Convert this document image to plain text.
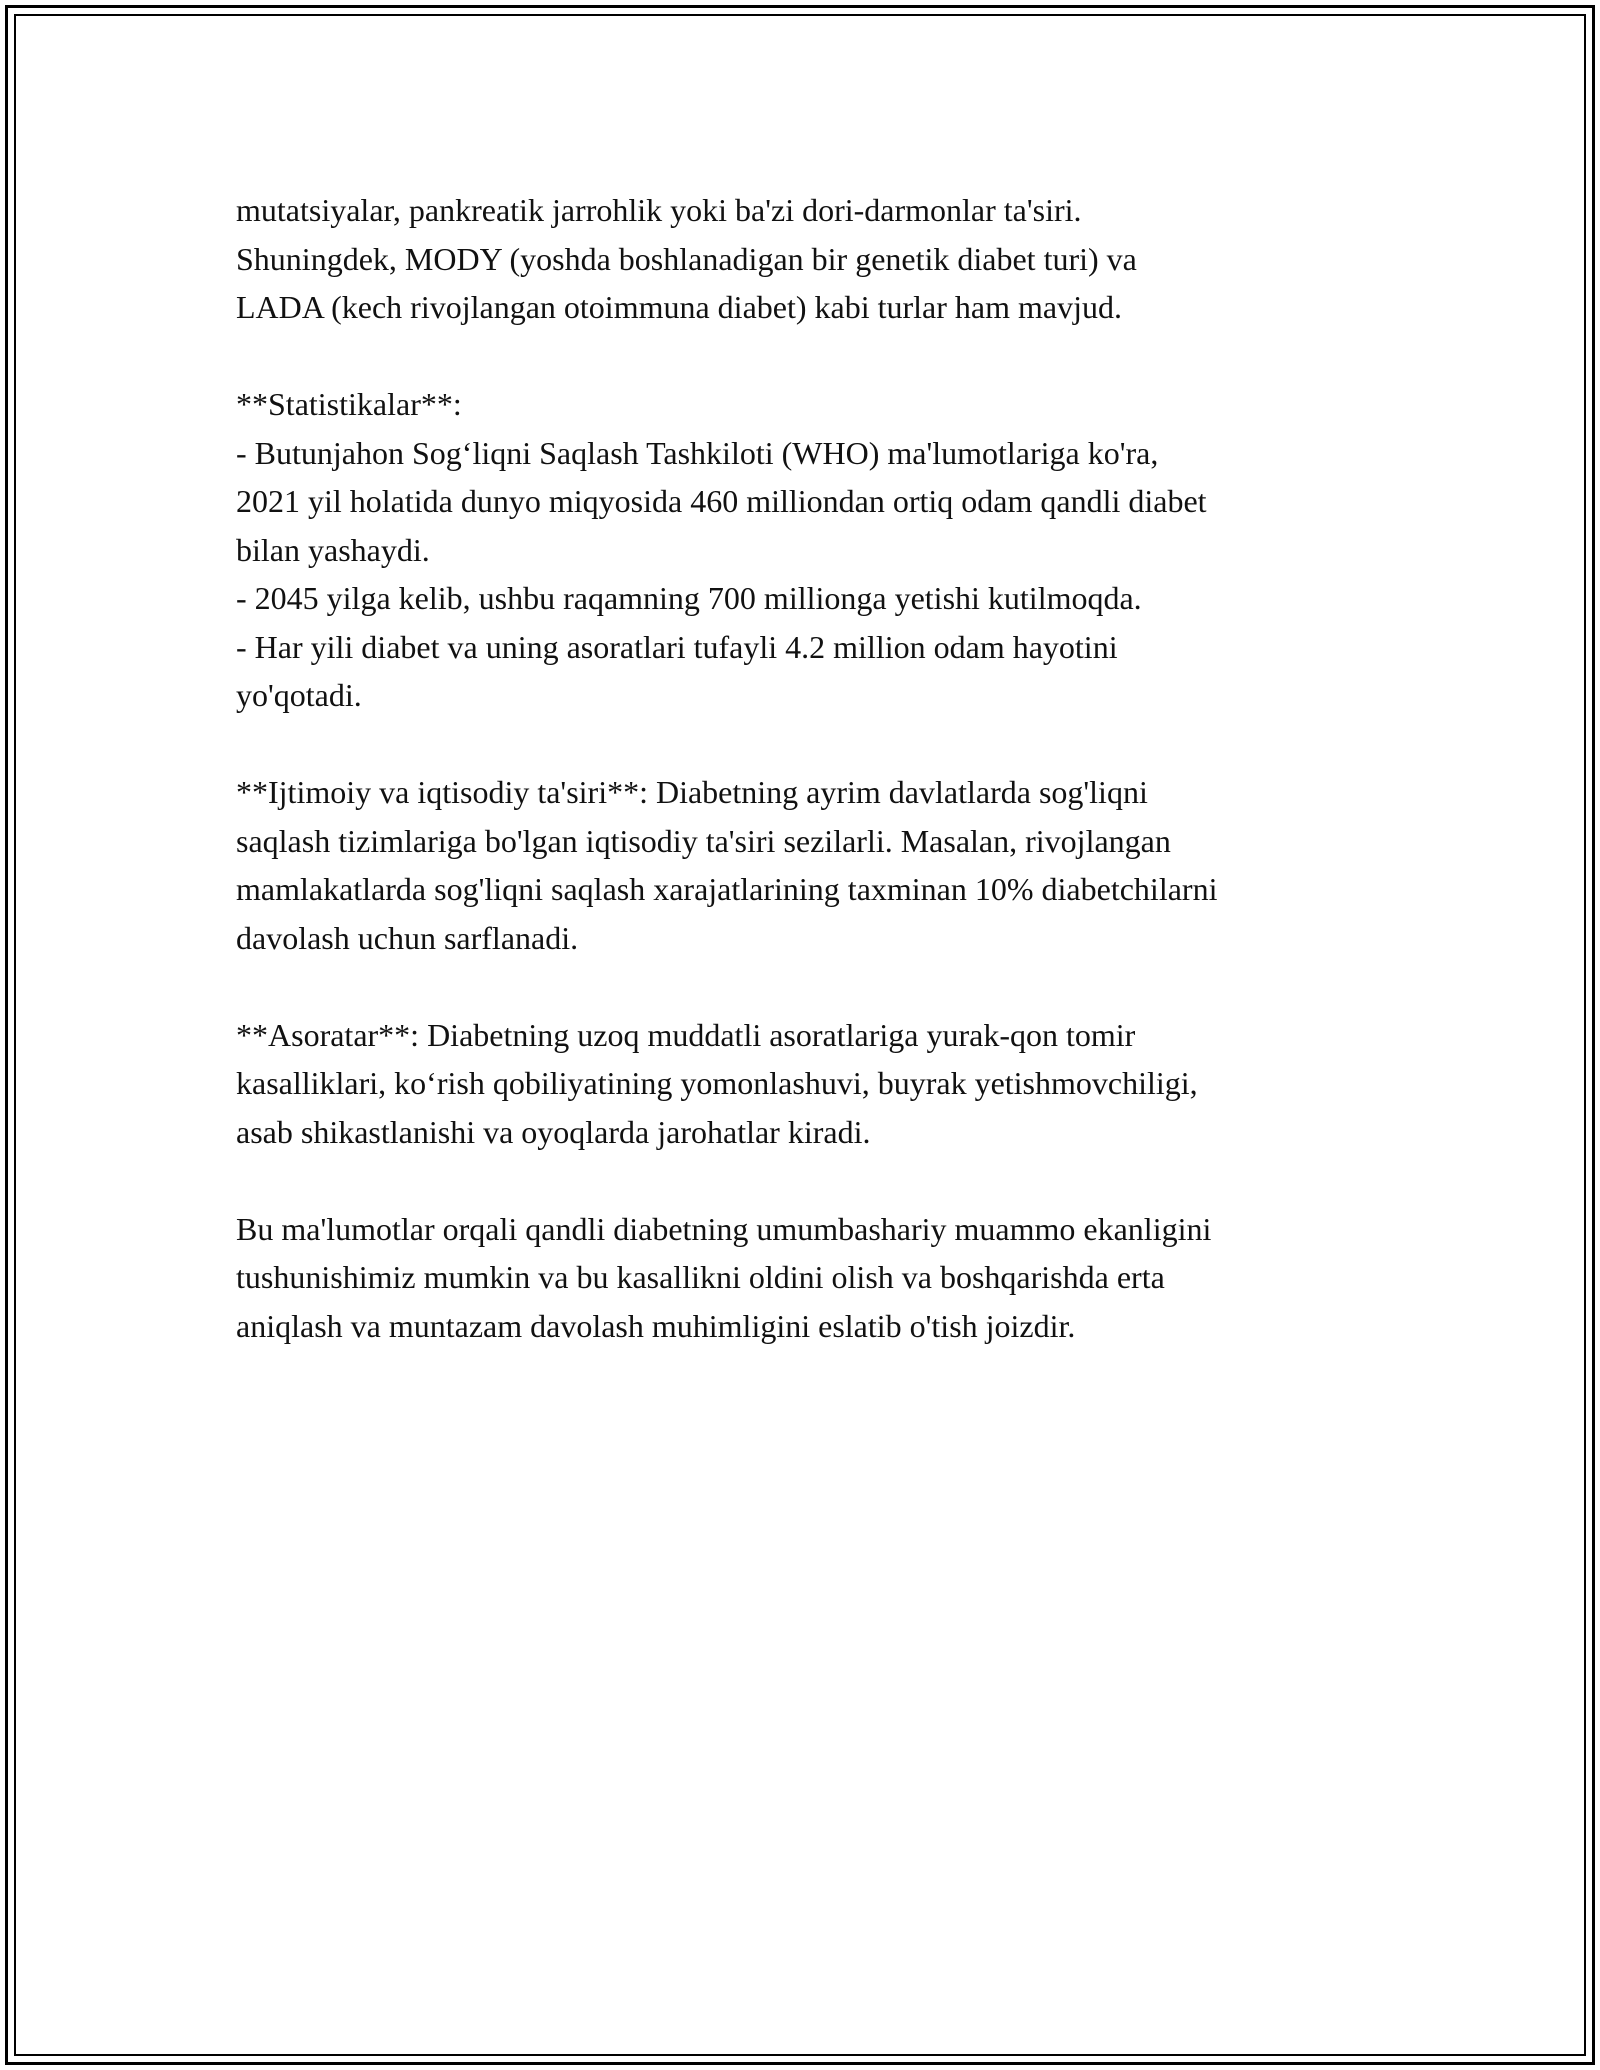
mutatsiyalar, pankreatik jarrohlik yoki ba'zi dori-darmonlar ta'siri.
Shuningdek, MODY (yoshda boshlanadigan bir genetik diabet turi) va
LADA (kech rivojlangan otoimmuna diabet) kabi turlar ham mavjud.
**Statistikalar**:
- Butunjahon Sog‘liqni Saqlash Tashkiloti (WHO) ma'lumotlariga ko'ra,
2021 yil holatida dunyo miqyosida 460 milliondan ortiq odam qandli diabet
bilan yashaydi.
- 2045 yilga kelib, ushbu raqamning 700 millionga yetishi kutilmoqda.
- Har yili diabet va uning asoratlari tufayli 4.2 million odam hayotini
yo'qotadi.
**Ijtimoiy va iqtisodiy ta'siri**: Diabetning ayrim davlatlarda sog'liqni
saqlash tizimlariga bo'lgan iqtisodiy ta'siri sezilarli. Masalan, rivojlangan
mamlakatlarda sog'liqni saqlash xarajatlarining taxminan 10% diabetchilarni
davolash uchun sarflanadi.
**Asoratar**: Diabetning uzoq muddatli asoratlariga yurak-qon tomir
kasalliklari, ko‘rish qobiliyatining yomonlashuvi, buyrak yetishmovchiligi,
asab shikastlanishi va oyoqlarda jarohatlar kiradi.
Bu ma'lumotlar orqali qandli diabetning umumbashariy muammo ekanligini
tushunishimiz mumkin va bu kasallikni oldini olish va boshqarishda erta
aniqlash va muntazam davolash muhimligini eslatib o'tish joizdir.
